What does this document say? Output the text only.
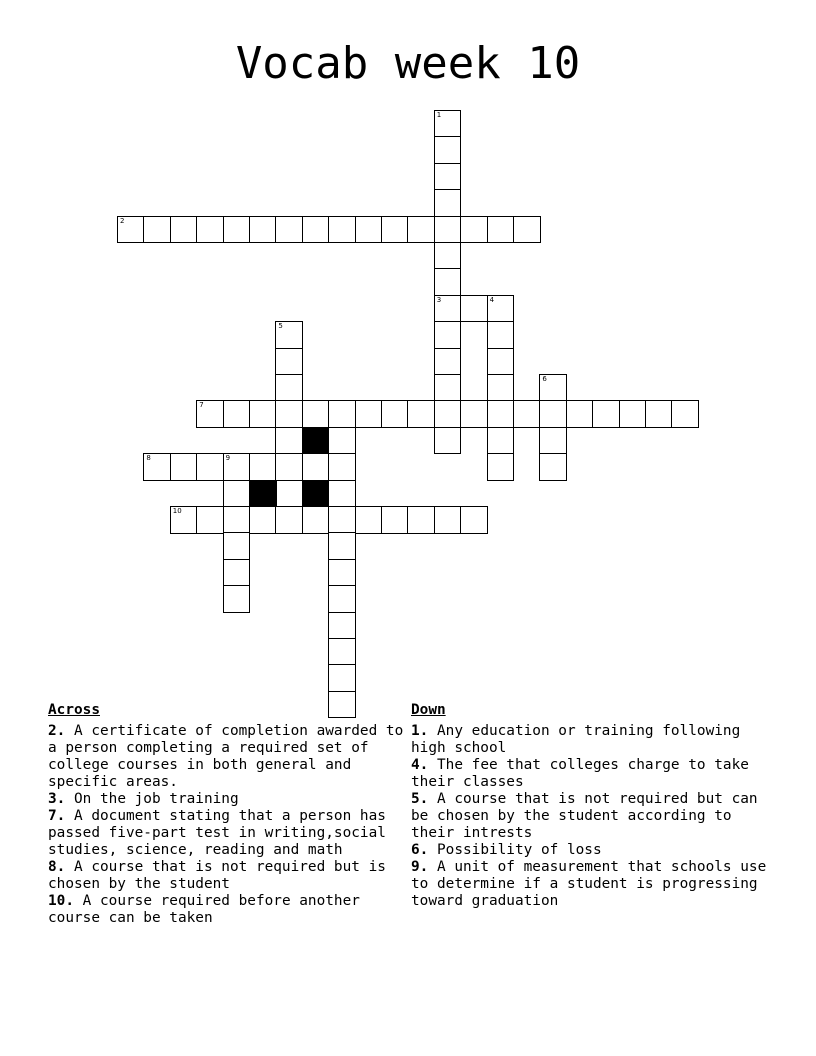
Vocab week 10
1
2
3	4
5
6
7
8	9
10
Across
2. A certificate of completion awarded to a person completing a required set of college courses in both general and specific areas.
3. On the job training
7. A document stating that a person has passed five-part test in writing,social studies, science, reading and math
8. A course that is not required but is chosen by the student
10. A course required before another course can be taken
Down
1. Any education or training following high school
4. The fee that colleges charge to take their classes
5. A course that is not required but can be chosen by the student according to their intrests
6. Possibility of loss
9. A unit of measurement that schools use to determine if a student is progressing toward graduation
